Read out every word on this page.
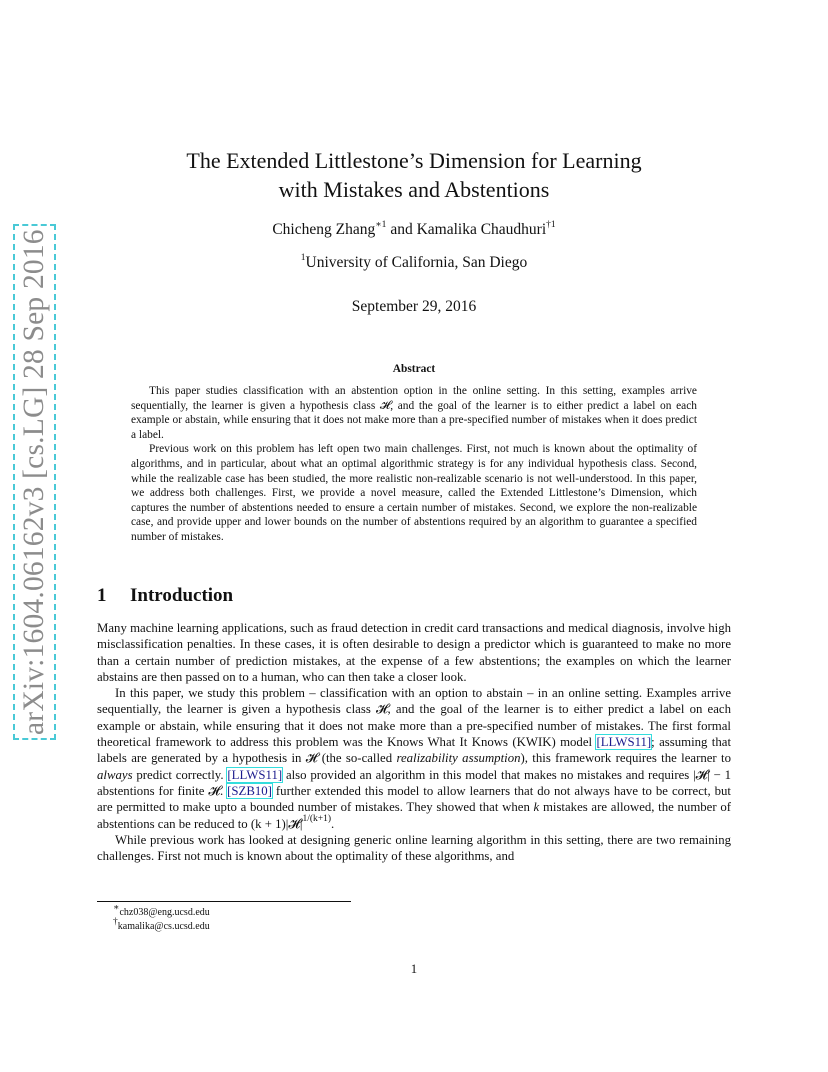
arXiv:1604.06162v3 [cs.LG] 28 Sep 2016
The Extended Littlestone’s Dimension for Learning
with Mistakes and Abstentions
Chicheng Zhang$^{∗1}$ and Kamalika Chaudhuri$^{\dagger 1}$
$^1$University of California, San Diego
September 29, 2016
Abstract

This paper studies classification with an abstention option in the online setting. In this setting, examples arrive sequentially, the learner is given a hypothesis class 𝓗, and the goal of the learner is to either predict a label on each example or abstain, while ensuring that it does not make more than a pre-specified number of mistakes when it does predict a label.

Previous work on this problem has left open two main challenges. First, not much is known about the optimality of algorithms, and in particular, about what an optimal algorithmic strategy is for any individual hypothesis class. Second, while the realizable case has been studied, the more realistic non-realizable scenario is not well-understood. In this paper, we address both challenges. First, we provide a novel measure, called the Extended Littlestone’s Dimension, which captures the number of abstentions needed to ensure a certain number of mistakes. Second, we explore the non-realizable case, and provide upper and lower bounds on the number of abstentions required by an algorithm to guarantee a specified number of mistakes.

1 Introduction

Many machine learning applications, such as fraud detection in credit card transactions and medical diagnosis, involve high misclassification penalties. In these cases, it is often desirable to design a predictor which is guaranteed to make no more than a certain number of prediction mistakes, at the expense of a few abstentions; the examples on which the learner abstains are then passed on to a human, who can then take a closer look.

In this paper, we study this problem – classification with an option to abstain – in an online setting. Examples arrive sequentially, the learner is given a hypothesis class 𝓗, and the goal of the learner is to either predict a label on each example or abstain, while ensuring that it does not make more than a pre-specified number of mistakes. The first formal theoretical framework to address this problem was the Knows What It Knows (KWIK) model [LLWS11]; assuming that labels are generated by a hypothesis in 𝓗 (the so-called realizability assumption), this framework requires the learner to always predict correctly. [LLWS11] also provided an algorithm in this model that makes no mistakes and requires |𝓗| − 1 abstentions for finite 𝓗. [SZB10] further extended this model to allow learners that do not always have to be correct, but are permitted to make upto a bounded number of mistakes. They showed that when k mistakes are allowed, the number of abstentions can be reduced to $(k + 1)|𝓗|^{1/(k+1)}$.

While previous work has looked at designing generic online learning algorithm in this setting, there are two remaining challenges. First not much is known about the optimality of these algorithms, and

∗chz038@eng.ucsd.edu
†kamalika@cs.ucsd.edu
1
